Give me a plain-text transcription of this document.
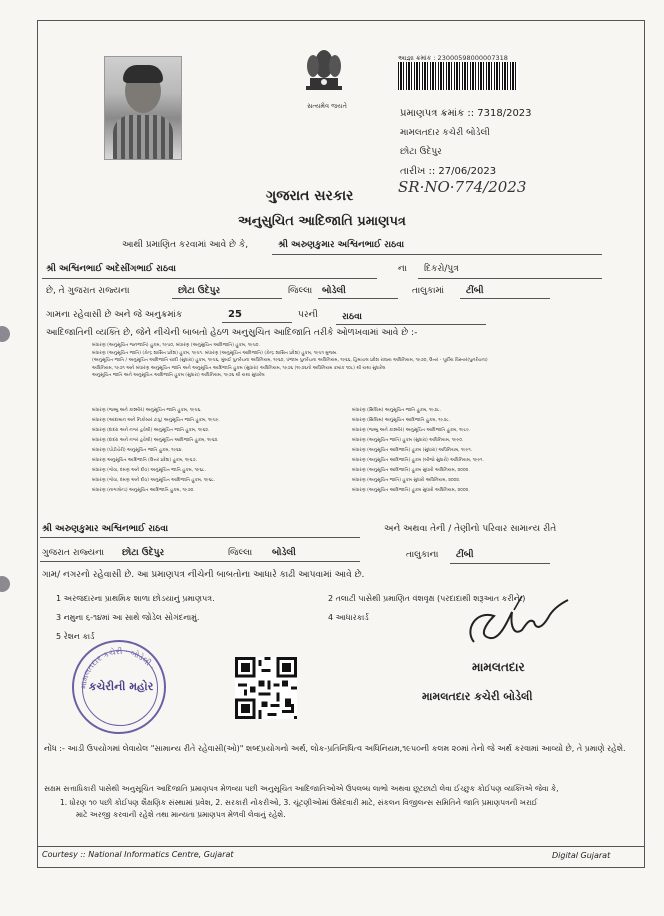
સત્યમેવ જયતે
આજ્ઞા ક્રમાંક : 23000598000007318
પ્રમાણપત્ર ક્રમાંક :: 7318/2023
મામલતદાર કચેરી બોડેલી
છોટા ઉદેપુર
તારીખ :: 27/06/2023
SR·NO·774/2023
ગુજરાત સરકાર
અનુસુચિત આદિજાતિ પ્રમાણપત્ર
આથી પ્રમાણિત કરવામાં આવે છે કે,	શ્રી અરુણકુમાર અશ્વિનભાઈ રાઠવા
શ્રી અશ્વિનભાઈ અદેસીંગભાઈ રાઠવા	ના દિકરો/પુત્ર
છે, તે ગુજરાત રાજ્યના	છોટા ઉદેપુર	જિલ્લા બોડેલી	તાલુકામાં ટીંબી
ગામના રહેવાસી છે અને જે અનુક્રમાંક	25	પરની	રાઠવા
આદિજાતિની વ્યક્તિ છે, જેને નીચેની બાબતો હેઠળ અનુસુચિત આદિજાતિ તરીકે ઓળખવામાં આવે છે :-
બંધારણ (અનુસૂચિત જનજાતિ) હુકમ, ૧૯૫૦, બંધારણ (અનુસુચિત આદિજાતિ) હુકમ, ૧૯૫૦.
બંધારણ (અનુસૂચિત જાતિ) (કેન્દ્ર શાસિત પ્રદેશ) હુકમ, ૧૯૫૧. બંધારણ (અનુસૂચિત આદિજાતિ) (કેન્દ્ર શાસિત પ્રદેશ) હુકમ, ૧૯૫૧ મુજબ.
(અનુસૂચિત જાતિ / અનુસૂચિત આદિજાતિ યાદી (સુધારા) હુકમ, ૧૯૫૬, મુંબઈ પુનર્રચના અધિનિયમ, ૧૯૬૦, પંજાબ પુનર્રચના અધિનિયમ, ૧૯૬૬, હિમાચલ પ્રદેશ રાજ્ય અધિનિયમ, ૧૯૭૦, ઉત્તર - પૂર્વીય વિસ્તાર(પુનર્રચના)
અધિનિયમ, ૧૯૭૧ અને બંધારણ અનુસૂચિત જાતિ અને અનુસૂચિત આદિજાતિ હુકમ (સુધારા) અધિનિયમ, ૧૯૭૬ (૧૯૭૬નો અધિનિયમ ક્રમાંક ૧૦૮) થી યથા સુધારેલ
અનુસૂચિત જાતિ અને અનુસૂચિત આદિજાતિ હુકમ (સુધારા) અધિનિયમ, ૧૯૭૬ થી યથા સુધારેલ
બંધારણ (જમ્મુ અને કાશ્મીર) અનુસૂચિત જાતિ હુકમ, ૧૯૫૬.
બંધારણ (આંદામાન અને નિકોબાર ટાપુ) અનુસૂચિત જાતિ હુકમ, ૧૯૫૯.
બંધારણ (દાદરા અને નગર હવેલી) અનુસૂચિત જાતિ હુકમ, ૧૯૬૨.
બંધારણ (દાદરા અને નગર હવેલી) અનુસૂચિત આદિજાતિ હુકમ, ૧૯૬૨.
બંધારણ (પોંડીચેરી) અનુસૂચિત જાતિ હુકમ, ૧૯૬૪.
બંધારણ અનુસૂચિત આદિજાતિ (ઉત્તર પ્રદેશ) હુકમ, ૧૯૬૭.
બંધારણ (ગોવા, દમણ અને દીવ) અનુસૂચિત જાતિ હુકમ, ૧૯૬૮.
બંધારણ (ગોવા, દમણ અને દીવ) અનુસૂચિત આદિજાતિ હુકમ, ૧૯૬૮.
બંધારણ (નાગાલેન્ડ) અનુસૂચિત આદિજાતિ હુકમ, ૧૯૭૦.
બંધારણ (સિક્કિમ) અનુસૂચિત જાતિ હુકમ, ૧૯૭૮.
બંધારણ (સિક્કિમ) અનુસૂચિત આદિજાતિ હુકમ, ૧૯૭૮.
બંધારણ (જમ્મુ અને કાશ્મીર) અનુસૂચિત આદિજાતિ હુકમ, ૧૯૮૯.
બંધારણ (અનુસૂચિત જાતિ) હુકમ (સુધારા) અધિનિયમ, ૧૯૯૦.
બંધારણ (અનુસૂચિત આદિજાતિ) હુકમ (સુધારા) અધિનિયમ, ૧૯૯૧.
બંધારણ (અનુસૂચિત આદિજાતિ) હુકમ (બીજો સુધારો) અધિનિયમ, ૧૯૯૧.
બંધારણ (અનુસૂચિત આદિજાતિ) હુકમ સુધારો અધિનિયમ, ૨૦૦૨.
બંધારણ (અનુસૂચિત જાતિ) હુકમ સુધારો અધિનિયમ, ૨૦૦૨.
બંધારણ (અનુસૂચિત આદિજાતિ) હુકમ સુધારો અધિનિયમ, ૨૦૦૨.
શ્રી અરુણકુમાર અશ્વિનભાઈ રાઠવા	અને અથવા તેની / તેણીનો પરિવાર સામાન્ય રીતે
ગુજરાત રાજ્યના છોટા ઉદેપુર	જિલ્લા બોડેલી	તાલુકાના ટીંબી
ગામ/ નગરનો રહેવાસી છે. આ પ્રમાણપત્ર નીચેની બાબતોના આધારે કાઢી આપવામાં આવે છે.
1 અરજદારના પ્રાથમિક શાળા છોડયાનું પ્રમાણપત્ર.	2 તલાટી પાસેથી પ્રમાણિત વંશવૃક્ષ (પરદાદાથી શરૂઆત કરીને.)
3 નમુના ૬-૧૪માં આ સાથે જોડેલ સોગંદનામું.	4 આધારકાર્ડ
5 રેશન કાર્ડ
મામલતદાર કચેરી · બોડેલી ·
કચેરીની મહોર
મામલતદાર
મામલતદાર કચેરી બોડેલી
નોંધ :- આડી ઉપયોગમાં લેવાયેલ "સામાન્ય રીતે રહેવાસી(ઓ)" શબ્દપ્રયોગનો અર્થ, લોક-પ્રતિનિધિત્વ અધિનિયમ,૧૯૫૦ની કલમ ૨૦માં તેનો જે અર્થ કરવામાં આવ્યો છે, તે પ્રમાણે રહેશે.
સક્ષમ સત્તાધિકારી પાસેથી અનુસૂચિત આદિજાતિ પ્રમાણપત્ર મેળવ્યા પછી અનુસૂચિત આદિજાતિઓએ ઉપલબ્ધ લાભો અથવા છૂટછાટો લેવા ઈચ્છુક કોઈપણ વ્યક્તિએ જેવા કે,
1. ધોરણ ૧૦ પછી કોઈપણ શૈક્ષણિક સંસ્થામાં પ્રવેશ, 2. સરકારી નોકરીઓ, 3. ચૂંટણીઓમાં ઉમેદવારી માટે, સંકલન વિજીલન્સ સમિતિને જાતિ પ્રમાણપત્રની ખરાઈ
માટે અરજી કરવાની રહેશે તથા માન્યતા પ્રમાણપત્ર મેળવી લેવાનું રહેશે.
Courtesy :: National Informatics Centre, Gujarat	Digital Gujarat
